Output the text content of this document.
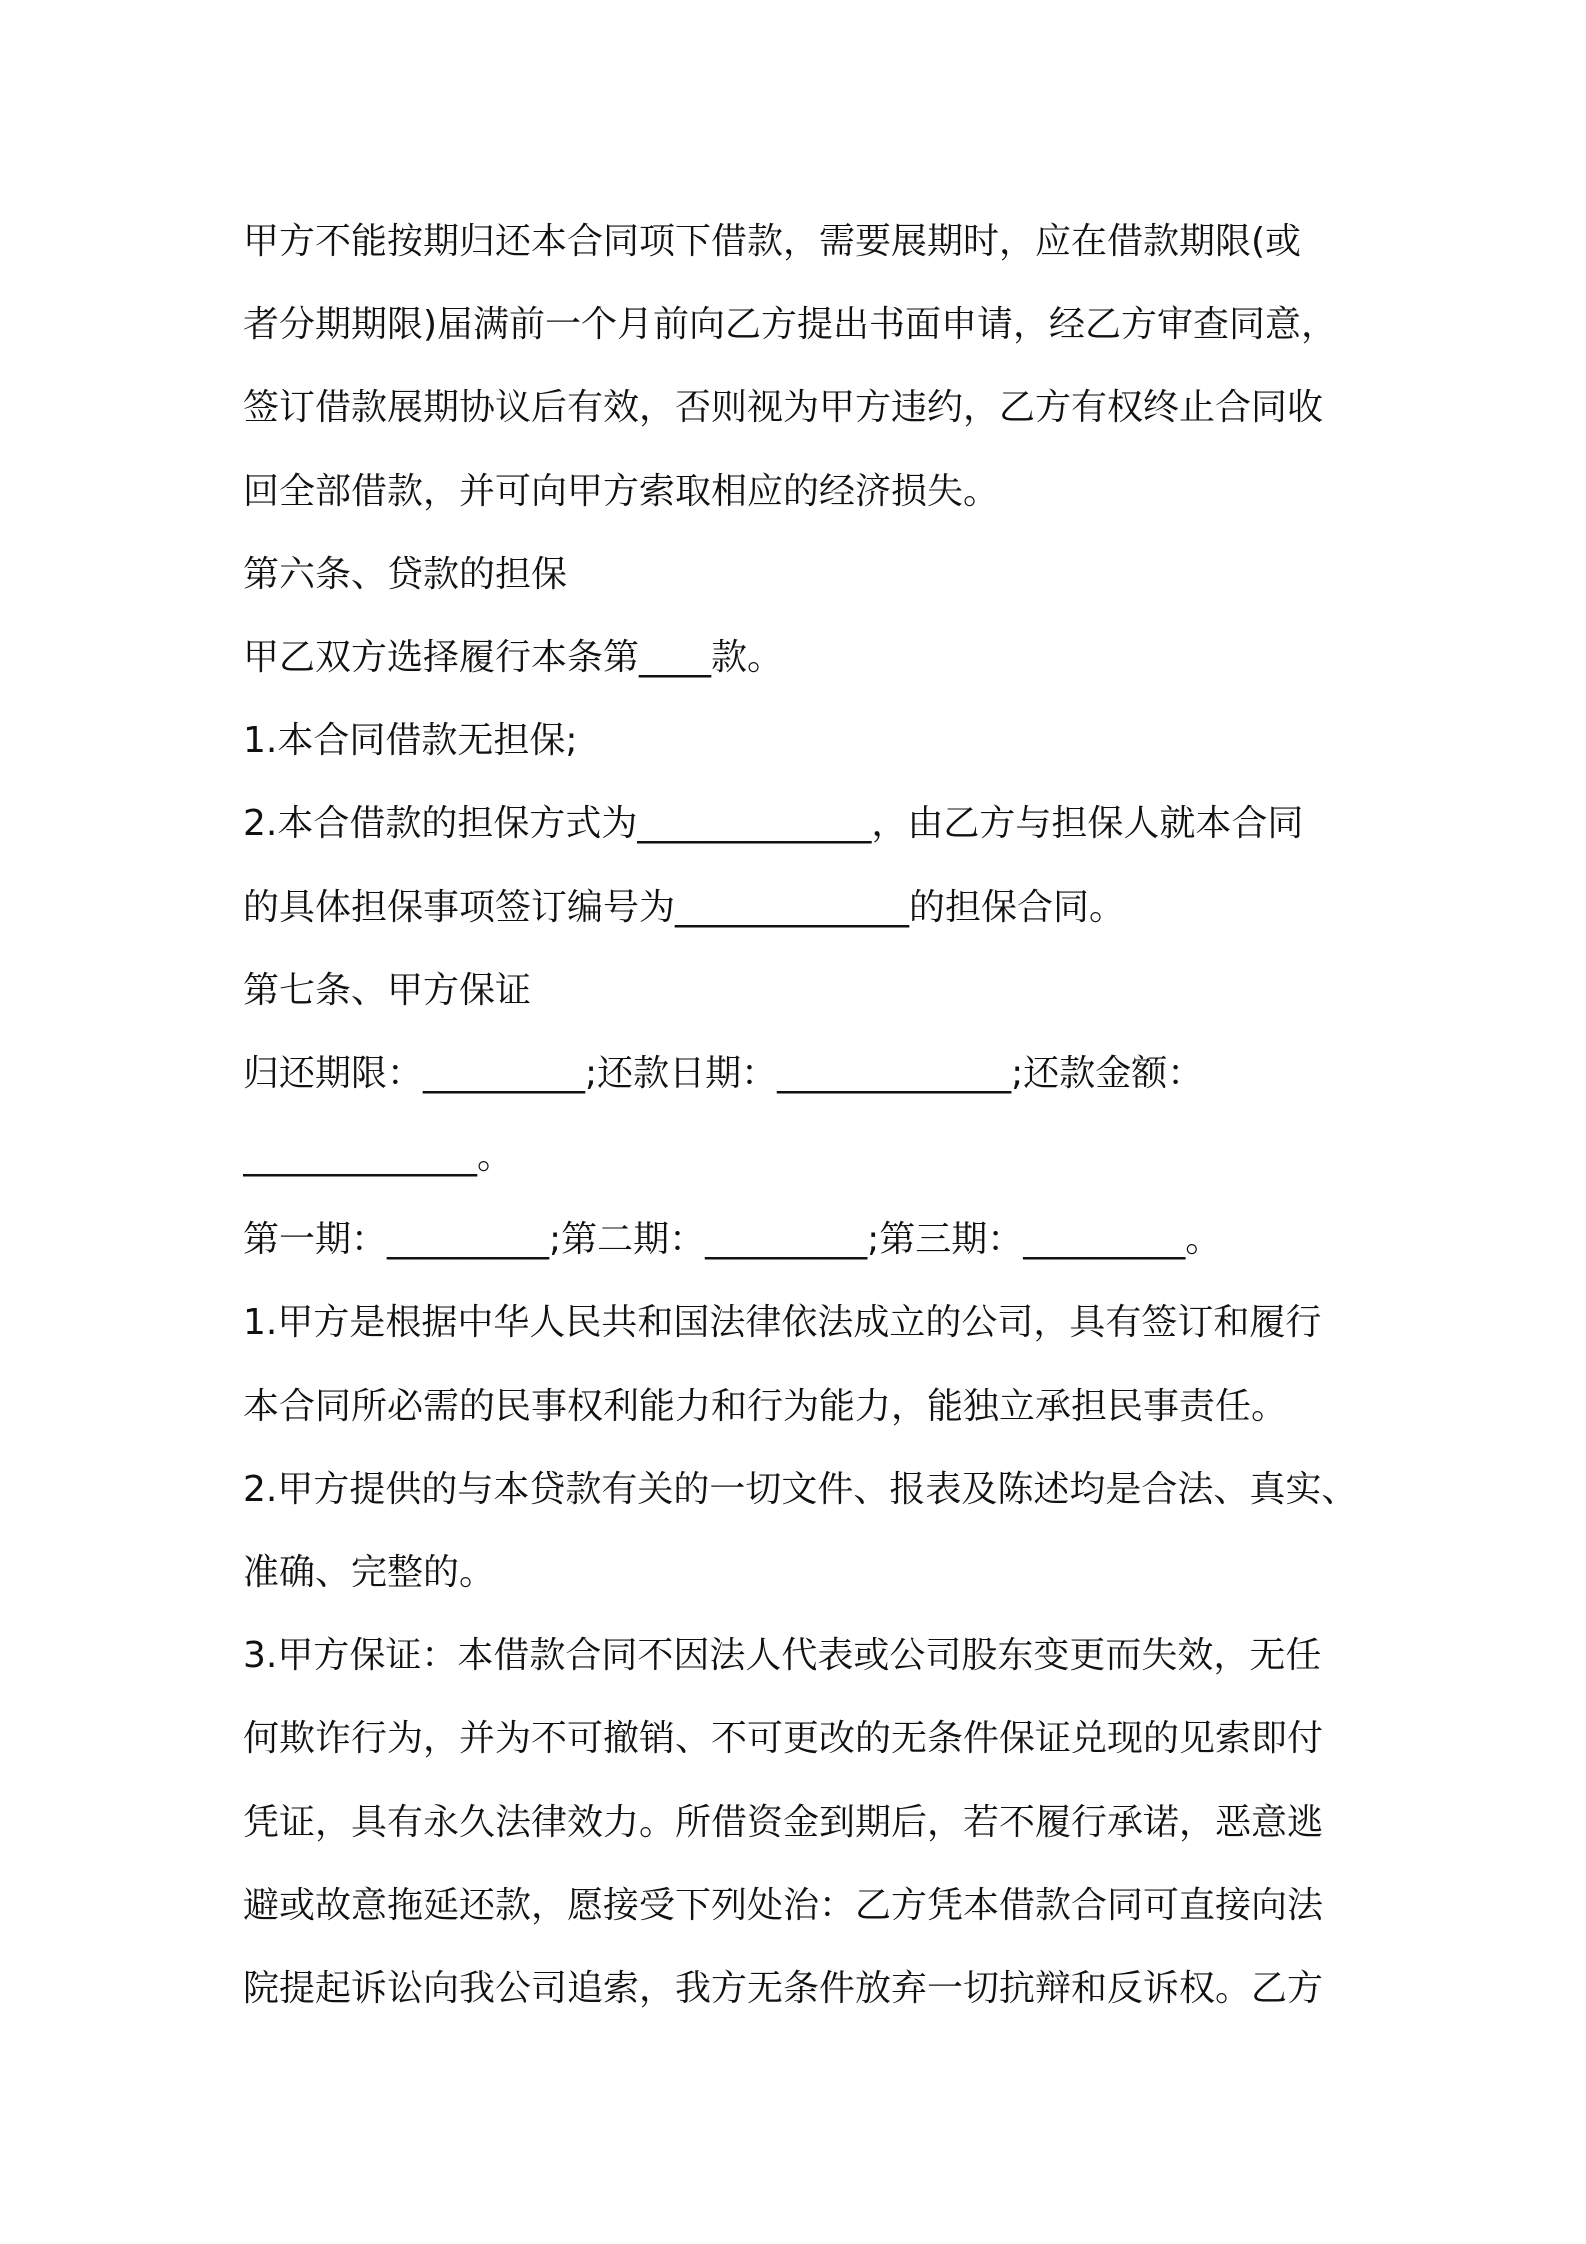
甲方不能按期归还本合同项下借款，需要展期时，应在借款期限(或
者分期期限)届满前一个月前向乙方提出书面申请，经乙方审查同意，
签订借款展期协议后有效，否则视为甲方违约，乙方有权终止合同收
回全部借款，并可向甲方索取相应的经济损失。
第六条、贷款的担保
甲乙双方选择履行本条第____款。
1.本合同借款无担保;
2.本合借款的担保方式为_____________，由乙方与担保人就本合同
的具体担保事项签订编号为_____________的担保合同。
第七条、甲方保证
归还期限：_________;还款日期：_____________;还款金额：
_____________。
第一期：_________;第二期：_________;第三期：_________。
1.甲方是根据中华人民共和国法律依法成立的公司，具有签订和履行
本合同所必需的民事权利能力和行为能力，能独立承担民事责任。
2.甲方提供的与本贷款有关的一切文件、报表及陈述均是合法、真实、
准确、完整的。
3.甲方保证：本借款合同不因法人代表或公司股东变更而失效，无任
何欺诈行为，并为不可撤销、不可更改的无条件保证兑现的见索即付
凭证，具有永久法律效力。所借资金到期后，若不履行承诺，恶意逃
避或故意拖延还款，愿接受下列处治：乙方凭本借款合同可直接向法
院提起诉讼向我公司追索，我方无条件放弃一切抗辩和反诉权。乙方
